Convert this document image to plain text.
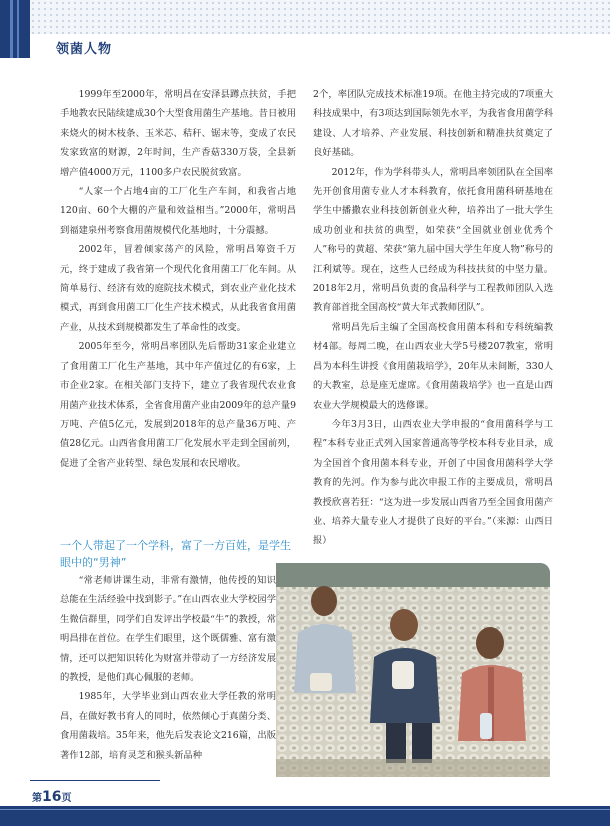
领菌人物

1999年至2000年，常明昌在安泽县蹲点扶贫，手把手地教农民陆续建成30个大型食用菌生产基地。昔日被用来烧火的树木枝条、玉米芯、秸秆、锯末等，变成了农民发家致富的财源，2年时间，生产香菇330万袋，全县新增产值4000万元，1100多户农民脱贫致富。

“人家一个占地4亩的工厂化生产车间，和我省占地120亩、60个大棚的产量和效益相当。”2000年，常明昌到福建泉州考察食用菌规模代化基地时，十分震撼。

2002年，冒着倾家荡产的风险，常明昌筹资千万元，终于建成了我省第一个现代化食用菌工厂化车间。从简单易行、经济有效的庭院技术模式，到农业产业化技术模式，再到食用菌工厂化生产技术模式，从此我省食用菌产业，从技术到规模都发生了革命性的改变。

2005年至今，常明昌率团队先后帮助31家企业建立了食用菌工厂化生产基地，其中年产值过亿的有6家，上市企业2家。在相关部门支持下，建立了我省现代农业食用菌产业技术体系，全省食用菌产业由2009年的总产量9万吨、产值5亿元，发展到2018年的总产量36万吨、产值28亿元。山西省食用菌工厂化发展水平走到全国前列，促进了全省产业转型、绿色发展和农民增收。

2个，率团队完成技术标准19项。在他主持完成的7项重大科技成果中，有3项达到国际领先水平，为我省食用菌学科建设、人才培养、产业发展、科技创新和精准扶贫奠定了良好基础。

2012年，作为学科带头人，常明昌率领团队在全国率先开创食用菌专业人才本科教育，依托食用菌科研基地在学生中播撒农业科技创新创业火种，培养出了一批大学生成功创业和扶贫的典型，如荣获“全国就业创业优秀个人”称号的黄超、荣获“第九届中国大学生年度人物”称号的江利斌等。现在，这些人已经成为科技扶贫的中坚力量。2018年2月，常明昌负责的食品科学与工程教师团队入选教育部首批全国高校“黄大年式教师团队”。

常明昌先后主编了全国高校食用菌本科和专科统编教材4部。每周二晚，在山西农业大学5号楼207教室，常明昌为本科生讲授《食用菌栽培学》，20年从未间断，330人的大教室，总是座无虚席。《食用菌栽培学》也一直是山西农业大学规模最大的选修课。

今年3月3日，山西农业大学申报的“食用菌科学与工程”本科专业正式列入国家普通高等学校本科专业目录，成为全国首个食用菌本科专业，开创了中国食用菌科学大学教育的先河。作为参与此次申报工作的主要成员，常明昌教授欣喜若狂：“这为进一步发展山西省乃至全国食用菌产业、培养大量专业人才提供了良好的平台。”（来源：山西日报）

一个人带起了一个学科，富了一方百姓，是学生眼中的“男神”

“常老师讲课生动，非常有激情，他传授的知识总能在生活经验中找到影子。”在山西农业大学校园学生微信群里，同学们自发评出学校最“牛”的教授，常明昌排在首位。在学生们眼里，这个既儒雅、富有激情，还可以把知识转化为财富并带动了一方经济发展的教授，是他们真心佩服的老师。

1985年，大学毕业到山西农业大学任教的常明昌，在做好教书育人的同时，依然倾心于真菌分类、食用菌栽培。35年来，他先后发表论文216篇，出版著作12部，培育灵芝和猴头新品种

第16页
